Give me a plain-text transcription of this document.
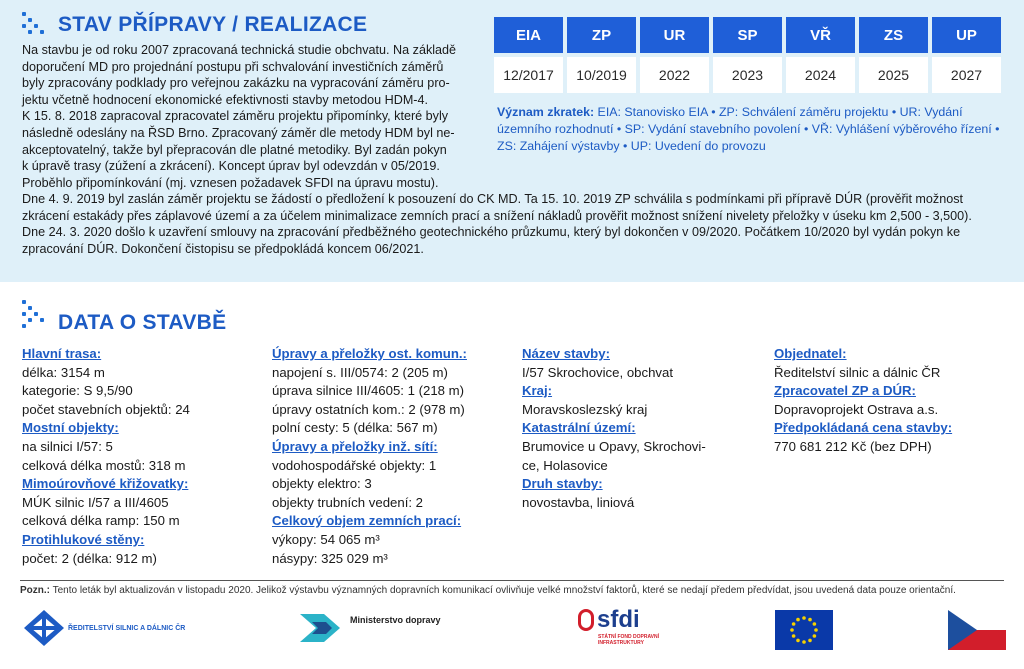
STAV PŘÍPRAVY / REALIZACE

Na stavbu je od roku 2007 zpracovaná technická studie obchvatu. Na základě

doporučení MD pro projednání postupu při schvalování investičních záměrů

byly zpracovány podklady pro veřejnou zakázku na vypracování záměru pro-

jektu včetně hodnocení ekonomické efektivnosti stavby metodou HDM-4.

K 15. 8. 2018 zapracoval zpracovatel záměru projektu připomínky, které byly

následně odeslány na ŘSD Brno. Zpracovaný záměr dle metody HDM byl ne-

akceptovatelný, takže byl přepracován dle platné metodiky. Byl zadán pokyn

k úpravě trasy (zúžení a zkrácení). Koncept úprav byl odevzdán v 05/2019.

Proběhlo připomínkování (mj. vznesen požadavek SFDI na úpravu mostu).

Dne 4. 9. 2019 byl zaslán záměr projektu se žádostí o předložení k posouzení do CK MD. Ta 15. 10. 2019 ZP schválila s podmínkami při přípravě DÚR (prověřit možnost

zkrácení estakády přes záplavové území a za účelem minimalizace zemních prací a snížení nákladů prověřit možnost snížení nivelety přeložky v úseku km 2,500 - 3,500).

Dne 24. 3. 2020 došlo k uzavření smlouvy na zpracování předběžného geotechnického průzkumu, který byl dokončen v 09/2020. Počátkem 10/2020 byl vydán pokyn ke

zpracování DÚR. Dokončení čistopisu se předpokládá koncem 06/2021.

EIA
12/2017
ZP
10/2019
UR
2022
SP
2023
VŘ
2024
ZS
2025
UP
2027
Význam zkratek: EIA: Stanovisko EIA • ZP: Schválení záměru projektu • UR: Vydání územního rozhodnutí • SP: Vydání stavebního povolení • VŘ: Vyhlášení výběrového řízení • ZS: Zahájení výstavby • UP: Uvedení do provozu
DATA O STAVBĚ
Hlavní trasa:
délka: 3154 m
kategorie: S 9,5/90
počet stavebních objektů: 24
Mostní objekty:
na silnici I/57: 5
celková délka mostů: 318 m
Mimoúrovňové křižovatky:
MÚK silnic I/57 a III/4605
celková délka ramp: 150 m
Protihlukové stěny:
počet: 2 (délka: 912 m)
Úpravy a přeložky ost. komun.:
napojení s. III/0574: 2 (205 m)
úprava silnice III/4605: 1 (218 m)
úpravy ostatních kom.: 2 (978 m)
polní cesty: 5 (délka: 567 m)
Úpravy a přeložky inž. sítí:
vodohospodářské objekty: 1
objekty elektro: 3
objekty trubních vedení: 2
Celkový objem zemních prací:
výkopy: 54 065 m³
násypy: 325 029 m³
Název stavby:
I/57 Skrochovice, obchvat
Kraj:
Moravskoslezský kraj
Katastrální území:
Brumovice u Opavy, Skrochovi-
ce, Holasovice
Druh stavby:
novostavba, liniová
Objednatel:
Ředitelství silnic a dálnic ČR
Zpracovatel ZP a DÚR:
Dopravoprojekt Ostrava a.s.
Předpokládaná cena stavby:
770 681 212 Kč (bez DPH)
Pozn.: Tento leták byl aktualizován v listopadu 2020. Jelikož výstavbu významných dopravních komunikací ovlivňuje velké množství faktorů, které se nedají předem předvídat, jsou uvedená data pouze orientační.
ŘEDITELSTVÍ SILNIC A DÁLNIC ČR
Ministerstvo dopravy	sfdi
STÁTNÍ FOND DOPRAVNÍ
INFRASTRUKTURY
